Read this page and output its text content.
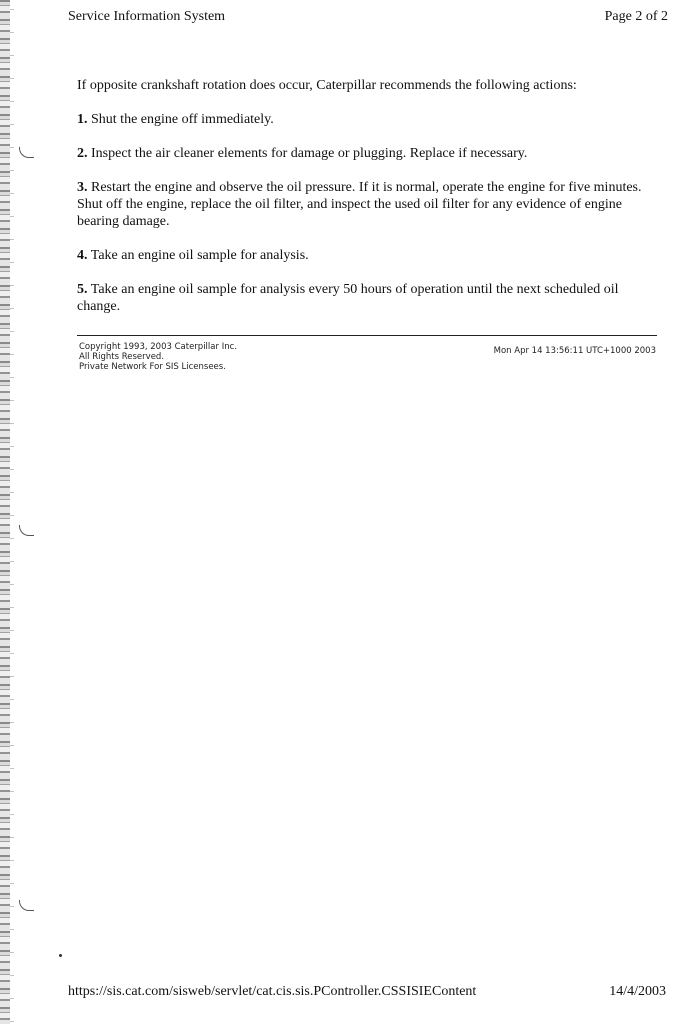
Service Information System	Page 2 of 2

If opposite crankshaft rotation does occur, Caterpillar recommends the following actions:

1. Shut the engine off immediately.

2. Inspect the air cleaner elements for damage or plugging. Replace if necessary.

3. Restart the engine and observe the oil pressure. If it is normal, operate the engine for five minutes. Shut off the engine, replace the oil filter, and inspect the used oil filter for any evidence of engine bearing damage.

4. Take an engine oil sample for analysis.

5. Take an engine oil sample for analysis every 50 hours of operation until the next scheduled oil change.

Copyright 1993, 2003 Caterpillar Inc.
All Rights Reserved.
Private Network For SIS Licensees.
Mon Apr 14 13:56:11 UTC+1000 2003
https://sis.cat.com/sisweb/servlet/cat.cis.sis.PController.CSSISIEContent	14/4/2003
